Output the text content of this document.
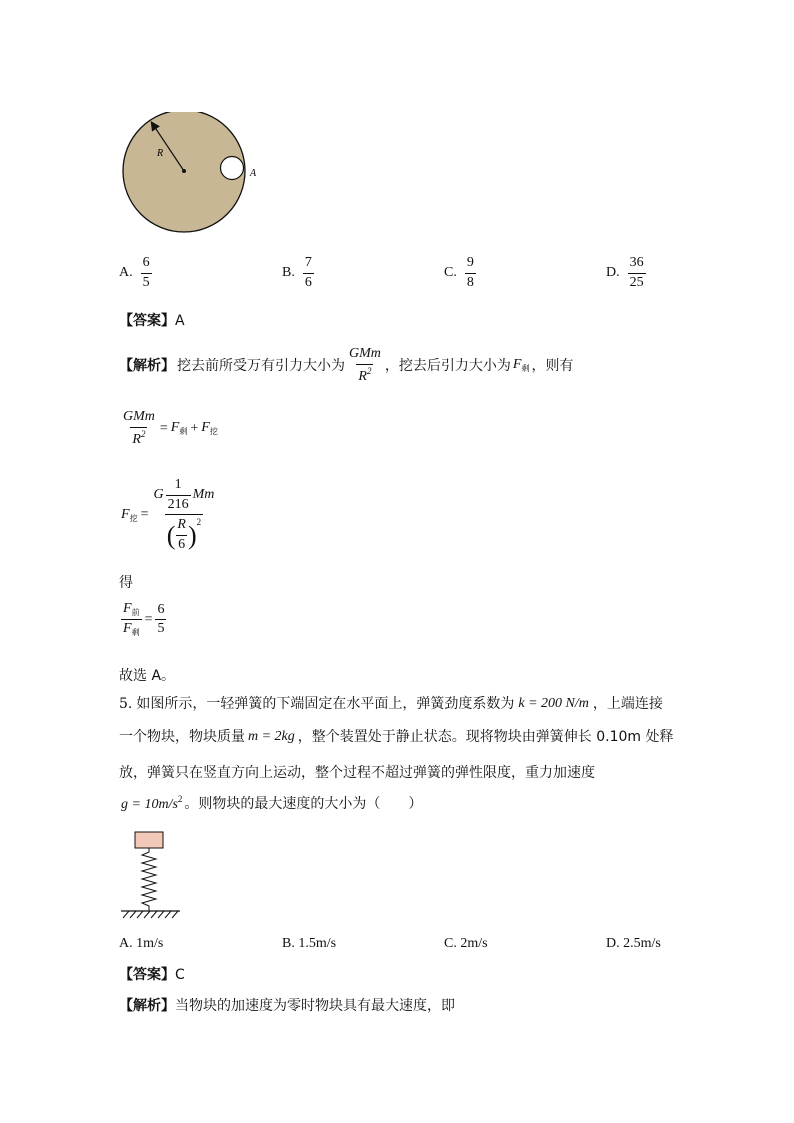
R
A
A. $\frac{6}{5}$	B. $\frac{7}{6}$	C. $\frac{9}{8}$	D. $\frac{36}{25}$
【答案】A
【解析】 挖去前所受万有引力大小为 $\frac{\text{GMm}}{R^2}$ ，挖去后引力大小为 $F_剩$ ，则有
$\frac{\text{GMm}}{R^2} = F_剩 + F_挖$
$F_挖 = \frac{G \frac{1}{216} Mm}{( \frac{R}{6} ) 2}$
得
$\frac{F_前}{F_剩} = \frac{6}{5}$
故选 A。
5. 如图所示，一轻弹簧的下端固定在水平面上，弹簧劲度系数为 k = 200 N/m ，上端连接
一个物块，物块质量 m = 2kg ，整个装置处于静止状态。现将物块由弹簧伸长 0.10m 处释
放，弹簧只在竖直方向上运动，整个过程不超过弹簧的弹性限度，重力加速度
$g = 10m/s^2$ 。则物块的最大速度的大小为（　　）
A. 1m/s	B. 1.5m/s	C. 2m/s	D. 2.5m/s
【答案】C
【解析】当物块的加速度为零时物块具有最大速度，即
